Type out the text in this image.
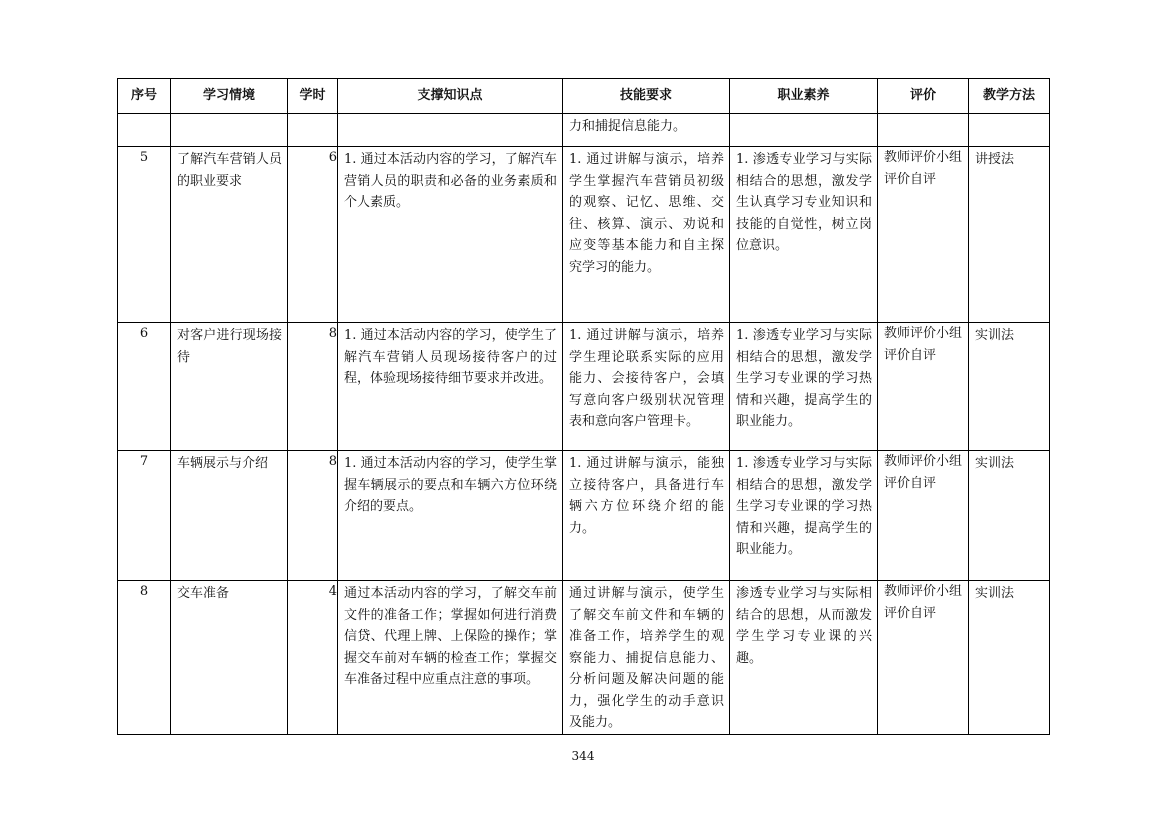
序号	学习情境	学时	支撑知识点	技能要求	职业素养	评价	教学方法

				力和捕捉信息能力。			

5	了解汽车营销人员的职业要求	6	1. 通过本活动内容的学习，了解汽车营销人员的职责和必备的业务素质和个人素质。	1. 通过讲解与演示，培养学生掌握汽车营销员初级的观察、记忆、思维、交往、核算、演示、劝说和应变等基本能力和自主探究学习的能力。	1. 渗透专业学习与实际相结合的思想，激发学生认真学习专业知识和技能的自觉性，树立岗位意识。	教师评价小组评价自评	讲授法

6	对客户进行现场接待	8	1. 通过本活动内容的学习，使学生了解汽车营销人员现场接待客户的过程，体验现场接待细节要求并改进。	1. 通过讲解与演示，培养学生理论联系实际的应用能力、会接待客户，会填写意向客户级别状况管理表和意向客户管理卡。	1. 渗透专业学习与实际相结合的思想，激发学生学习专业课的学习热情和兴趣，提高学生的职业能力。	教师评价小组评价自评	实训法

7	车辆展示与介绍	8	1. 通过本活动内容的学习，使学生掌握车辆展示的要点和车辆六方位环绕介绍的要点。	1. 通过讲解与演示，能独立接待客户，具备进行车辆六方位环绕介绍的能力。	1. 渗透专业学习与实际相结合的思想，激发学生学习专业课的学习热情和兴趣，提高学生的职业能力。	教师评价小组评价自评	实训法

8	交车准备	4	通过本活动内容的学习，了解交车前文件的准备工作；掌握如何进行消费信贷、代理上牌、上保险的操作；掌握交车前对车辆的检查工作；掌握交车准备过程中应重点注意的事项。	通过讲解与演示，使学生了解交车前文件和车辆的准备工作，培养学生的观察能力、捕捉信息能力、分析问题及解决问题的能力，强化学生的动手意识及能力。	渗透专业学习与实际相结合的思想，从而激发学生学习专业课的兴趣。	教师评价小组评价自评	实训法
344
